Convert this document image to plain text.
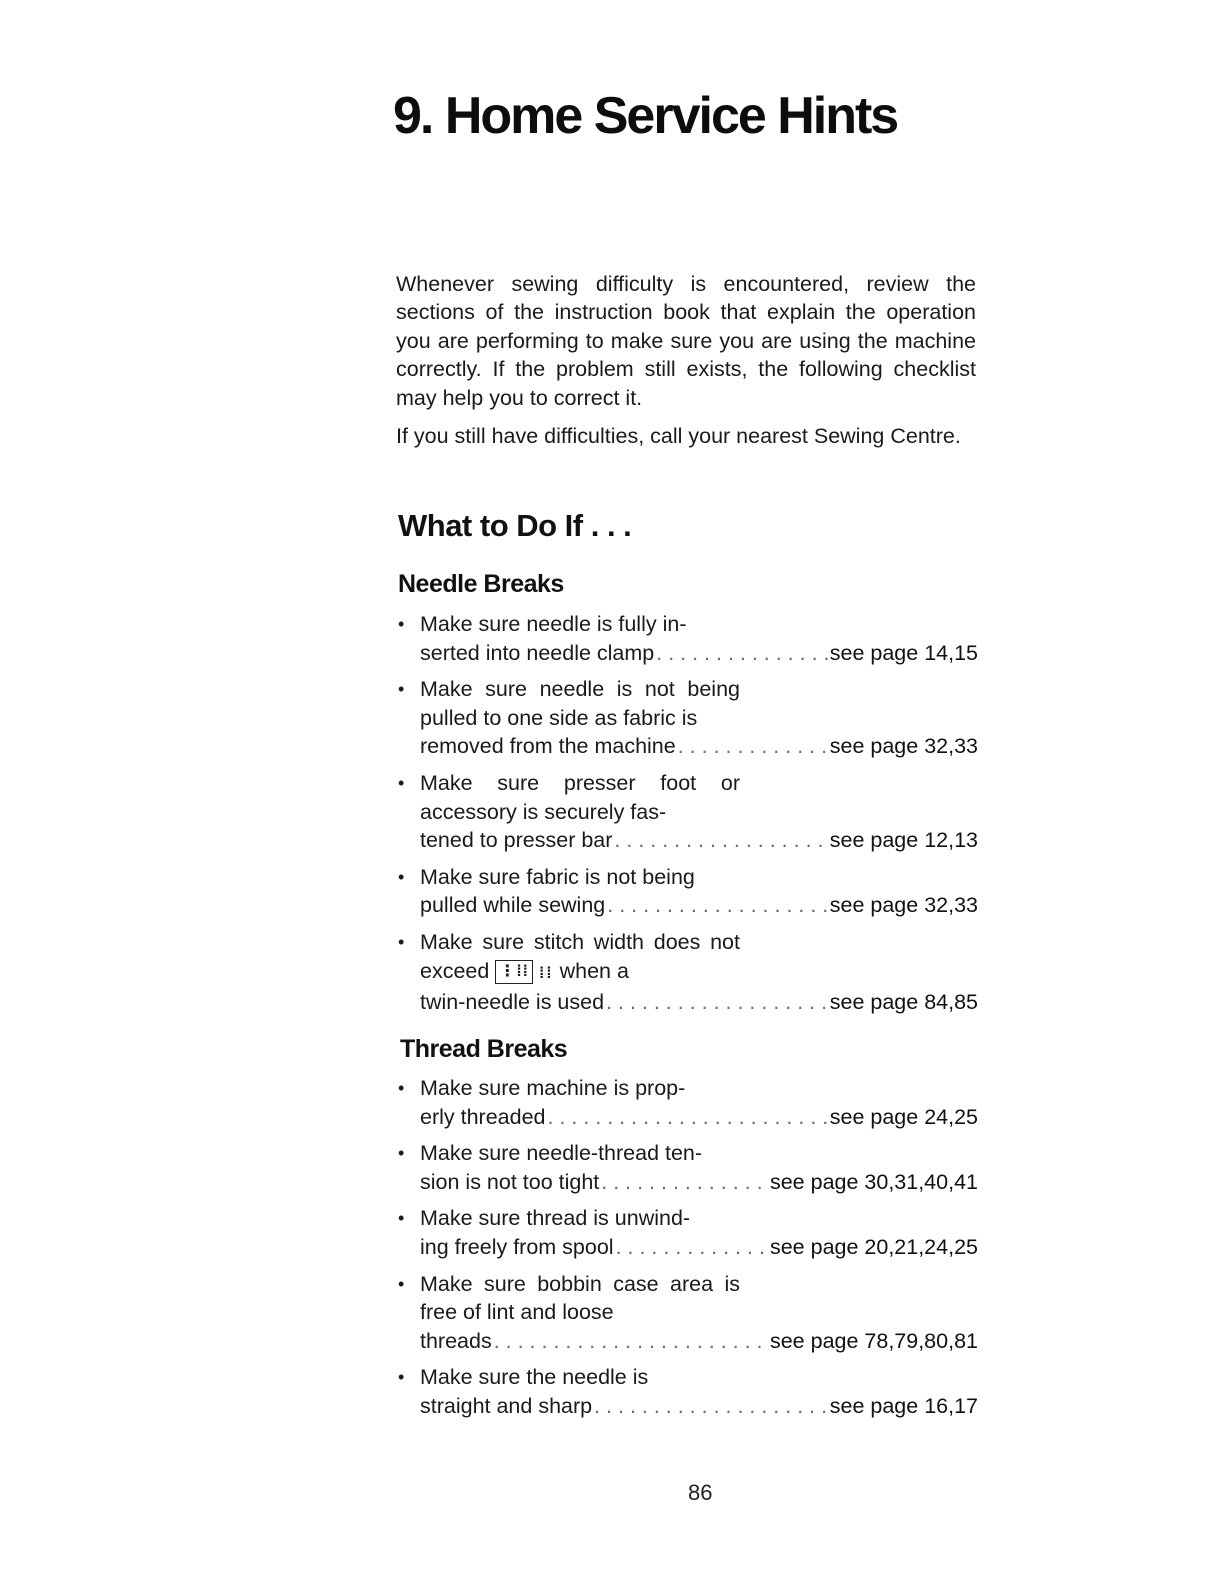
9. Home Service Hints

Whenever sewing difficulty is encountered, review the sections of the instruction book that explain the operation you are performing to make sure you are using the machine correctly. If the problem still exists, the following checklist may help you to correct it.

If you still have difficulties, call your nearest Sewing Centre.

What to Do If . . .
Needle Breaks
• Make sure needle is fully in-
serted into needle clamp . . .	see page 14,15
• Make sure needle is not being pulled to one side as fabric is
removed from the machine . . .	see page 32,33
• Make sure presser foot or accessory is securely fas-
tened to presser bar . . .	see page 12,13
• Make sure fabric is not being
pulled while sewing . . .	see page 32,33
• Make sure stitch width does not exceed ⋮⁞⁞ ⁞⁞ when a
twin-needle is used . . .	see page 84,85
Thread Breaks
• Make sure machine is prop-
erly threaded . . .	see page 24,25
• Make sure needle-thread ten-
sion is not too tight . . .	see page 30,31,40,41
• Make sure thread is unwind-
ing freely from spool . . .	see page 20,21,24,25
• Make sure bobbin case area is free of lint and loose
threads . . .	see page 78,79,80,81
• Make sure the needle is
straight and sharp . . .	see page 16,17
86
